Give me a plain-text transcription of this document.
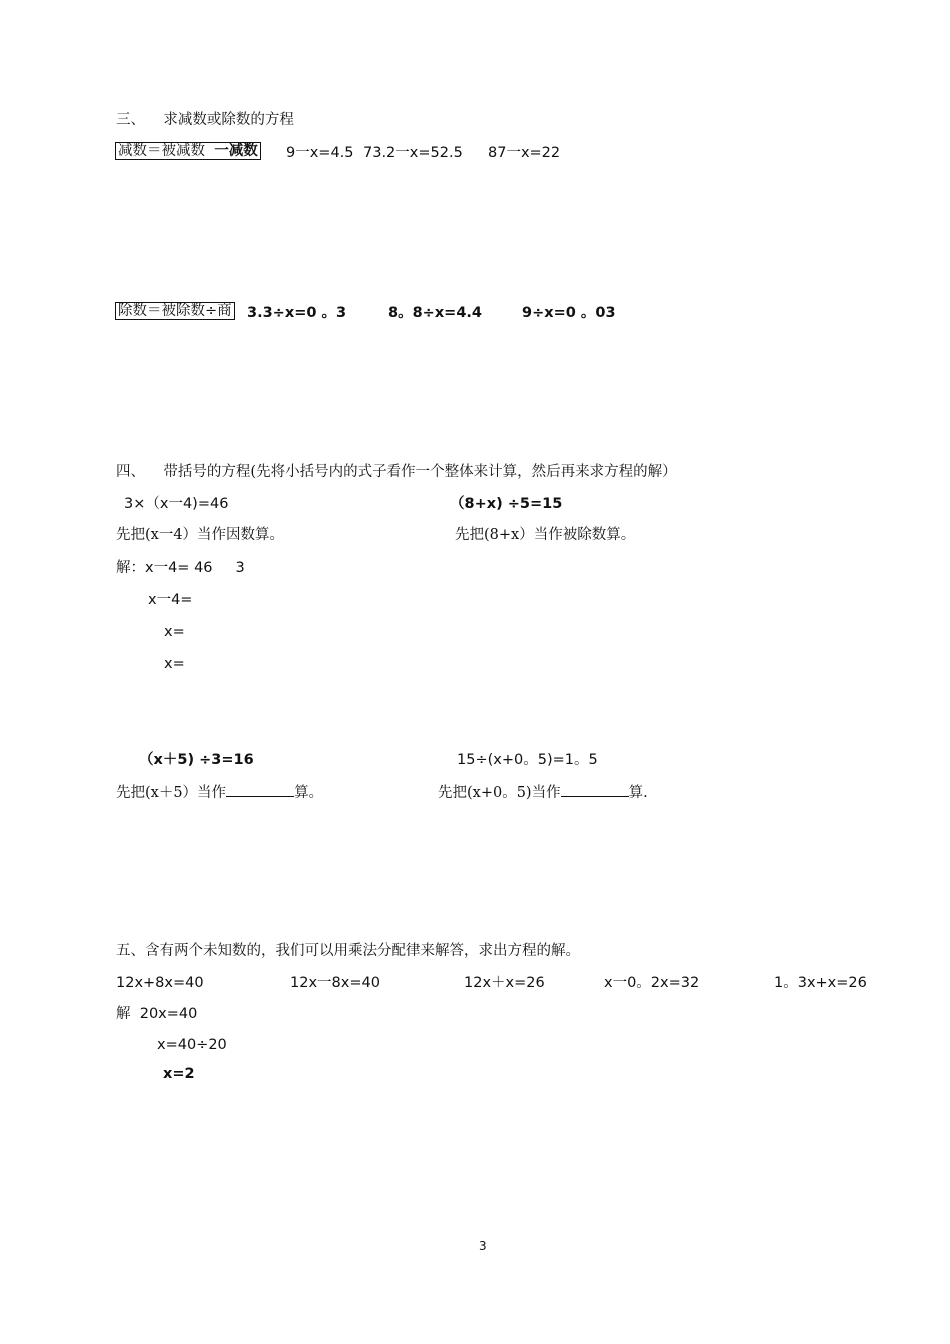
三、    求减数或除数的方程
减数＝被减数 一减数 9一x=4.5 73.2一x=52.5 87一x=22
除数＝被除数÷商 3.3÷x=0 。3	8。8÷x=4.4	9÷x=0 。03
四、    带括号的方程(先将小括号内的式子看作一个整体来计算，然后再来求方程的解）
3×（x一4)=46	（8+x) ÷5=15
先把(x一4）当作因数算。	先把(8+x）当作被除数算。
解：x一4= 46     3
x一4=
x=
x=
（x＋5) ÷3=16	15÷(x+0。5)=1。5
先把(x＋5）当作	算。	先把(x+0。5)当作	算.
五、含有两个未知数的，我们可以用乘法分配律来解答，求出方程的解。
12x+8x=40	12x一8x=40	12x＋x=26	x一0。2x=32	1。3x+x=26
解  20x=40
x=40÷20
x=2
3
